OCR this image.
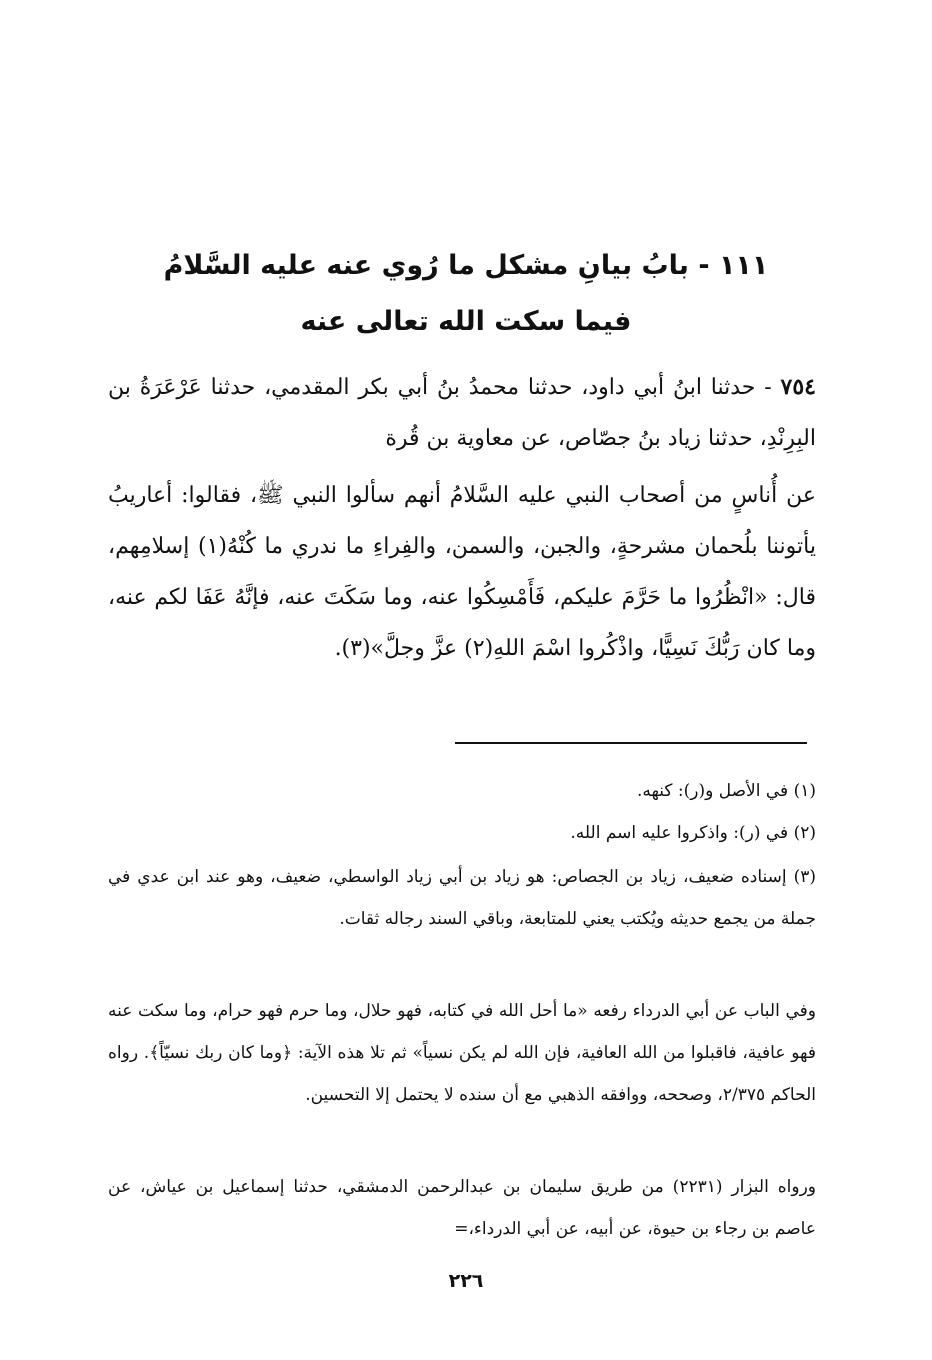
١١١ - بابُ بيانِ مشكل ما رُوي عنه عليه السَّلامُ
فيما سكت الله تعالى عنه
٧٥٤ - حدثنا ابنُ أبي داود، حدثنا محمدُ بنُ أبي بكر المقدمي، حدثنا عَرْعَرَةُ بن البِرِنْدِ، حدثنا زياد بنُ جصّاص، عن معاوية بن قُرة
عن أُناسٍ من أصحاب النبي عليه السَّلامُ أنهم سألوا النبي ﷺ، فقالوا: أعاريبُ يأتوننا بلُحمان مشرحةٍ، والجبن، والسمن، والفِراءِ ما ندري ما كُنْهُ(١) إسلامِهم، قال: «انْظُرُوا ما حَرَّمَ عليكم، فَأَمْسِكُوا عنه، وما سَكَتَ عنه، فإنَّهُ عَفَا لكم عنه، وما كان رَبُّكَ نَسِيًّا، واذْكُروا اسْمَ اللهِ(٢) عزَّ وجلَّ»(٣).
(١) في الأصل و(ر): كنهه.
(٢) في (ر): واذكروا عليه اسم الله.
(٣) إسناده ضعيف، زياد بن الجصاص: هو زياد بن أبي زياد الواسطي، ضعيف، وهو عند ابن عدي في جملة من يجمع حديثه ويُكتب يعني للمتابعة، وباقي السند رجاله ثقات.
وفي الباب عن أبي الدرداء رفعه «ما أحل الله في كتابه، فهو حلال، وما حرم فهو حرام، وما سكت عنه فهو عافية، فاقبلوا من الله العافية، فإن الله لم يكن نسياً» ثم تلا هذه الآية: ﴿وما كان ربك نسيّاً﴾. رواه الحاكم ٢/٣٧٥، وصححه، ووافقه الذهبي مع أن سنده لا يحتمل إلا التحسين.
ورواه البزار (٢٢٣١) من طريق سليمان بن عبدالرحمن الدمشقي، حدثنا إسماعيل بن عياش، عن عاصم بن رجاء بن حيوة، عن أبيه، عن أبي الدرداء،=
٢٢٦
